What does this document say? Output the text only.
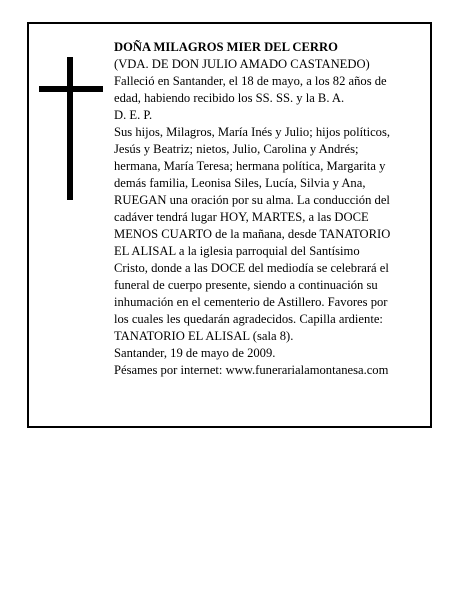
DOÑA MILAGROS MIER DEL CERRO
(VDA. DE DON JULIO AMADO CASTANEDO)
Falleció en Santander, el 18 de mayo, a los 82 años de
edad, habiendo recibido los SS. SS. y la B. A.
D. E. P.
Sus hijos, Milagros, María Inés y Julio; hijos políticos,
Jesús y Beatriz; nietos, Julio, Carolina y Andrés;
hermana, María Teresa; hermana política, Margarita y
demás familia, Leonisa Siles, Lucía, Silvia y Ana,
RUEGAN una oración por su alma. La conducción del
cadáver tendrá lugar HOY, MARTES, a las DOCE
MENOS CUARTO de la mañana, desde TANATORIO
EL ALISAL a la iglesia parroquial del Santísimo
Cristo, donde a las DOCE del mediodía se celebrará el
funeral de cuerpo presente, siendo a continuación su
inhumación en el cementerio de Astillero. Favores por
los cuales les quedarán agradecidos. Capilla ardiente:
TANATORIO EL ALISAL (sala 8).
Santander, 19 de mayo de 2009.
Pésames por internet: www.funerarialamontanesa.com
